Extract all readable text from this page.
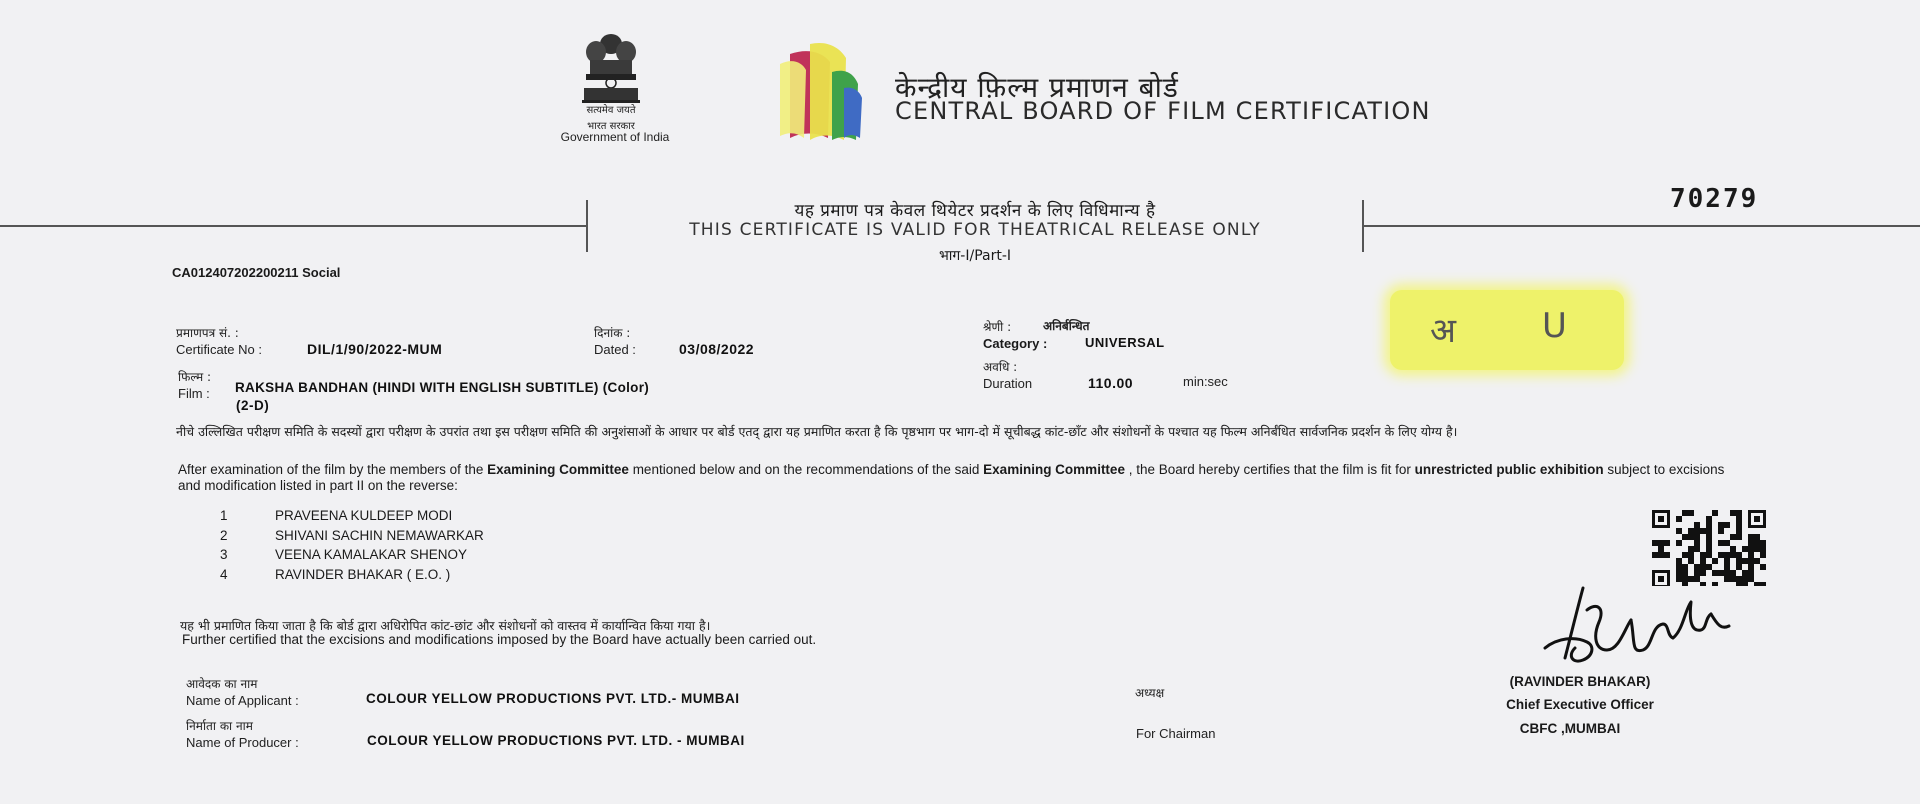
सत्यमेव जयते
भारत सरकार
Government of India
केन्द्रीय फ़िल्म प्रमाणन बोर्ड
CENTRAL BOARD OF FILM CERTIFICATION
70279
यह प्रमाण पत्र केवल थियेटर प्रदर्शन के लिए विधिमान्य है
THIS CERTIFICATE IS VALID FOR THEATRICAL RELEASE ONLY
भाग-I/Part-I
CA012407202200211 Social
प्रमाणपत्र सं. :
Certificate No :	DIL/1/90/2022-MUM
दिनांक :
Dated :	03/08/2022
फिल्म :
Film : RAKSHA BANDHAN (HINDI WITH ENGLISH SUBTITLE) (Color)
(2-D)
श्रेणी :	अनिर्बन्धित
Category :	UNIVERSAL
अवधि :
Duration	110.00	min:sec
अ	U
नीचे उल्लिखित परीक्षण समिति के सदस्यों द्वारा परीक्षण के उपरांत तथा इस परीक्षण समिति की अनुशंसाओं के आधार पर बोर्ड एतद् द्वारा यह प्रमाणित करता है कि पृष्ठभाग पर भाग-दो में सूचीबद्ध कांट-छाँट और संशोधनों के पश्चात यह फिल्म अनिर्बंधित सार्वजनिक प्रदर्शन के लिए योग्य है।
After examination of the film by the members of the Examining Committee mentioned below and on the recommendations of the said Examining Committee , the Board hereby certifies that the film is fit for unrestricted public exhibition subject to excisions and modification listed in part II on the reverse:
1	PRAVEENA KULDEEP MODI
2	SHIVANI SACHIN NEMAWARKAR
3	VEENA KAMALAKAR SHENOY
4	RAVINDER BHAKAR ( E.O. )
यह भी प्रमाणित किया जाता है कि बोर्ड द्वारा अधिरोपित कांट-छांट और संशोधनों को वास्तव में कार्यान्वित किया गया है।
Further certified that the excisions and modifications imposed by the Board have actually been carried out.
आवेदक का नाम
Name of Applicant :	COLOUR YELLOW PRODUCTIONS PVT. LTD.- MUMBAI
निर्माता का नाम
Name of Producer :	COLOUR YELLOW PRODUCTIONS PVT. LTD. - MUMBAI
अध्यक्ष
For Chairman
(RAVINDER BHAKAR)
Chief Executive Officer
CBFC ,MUMBAI
